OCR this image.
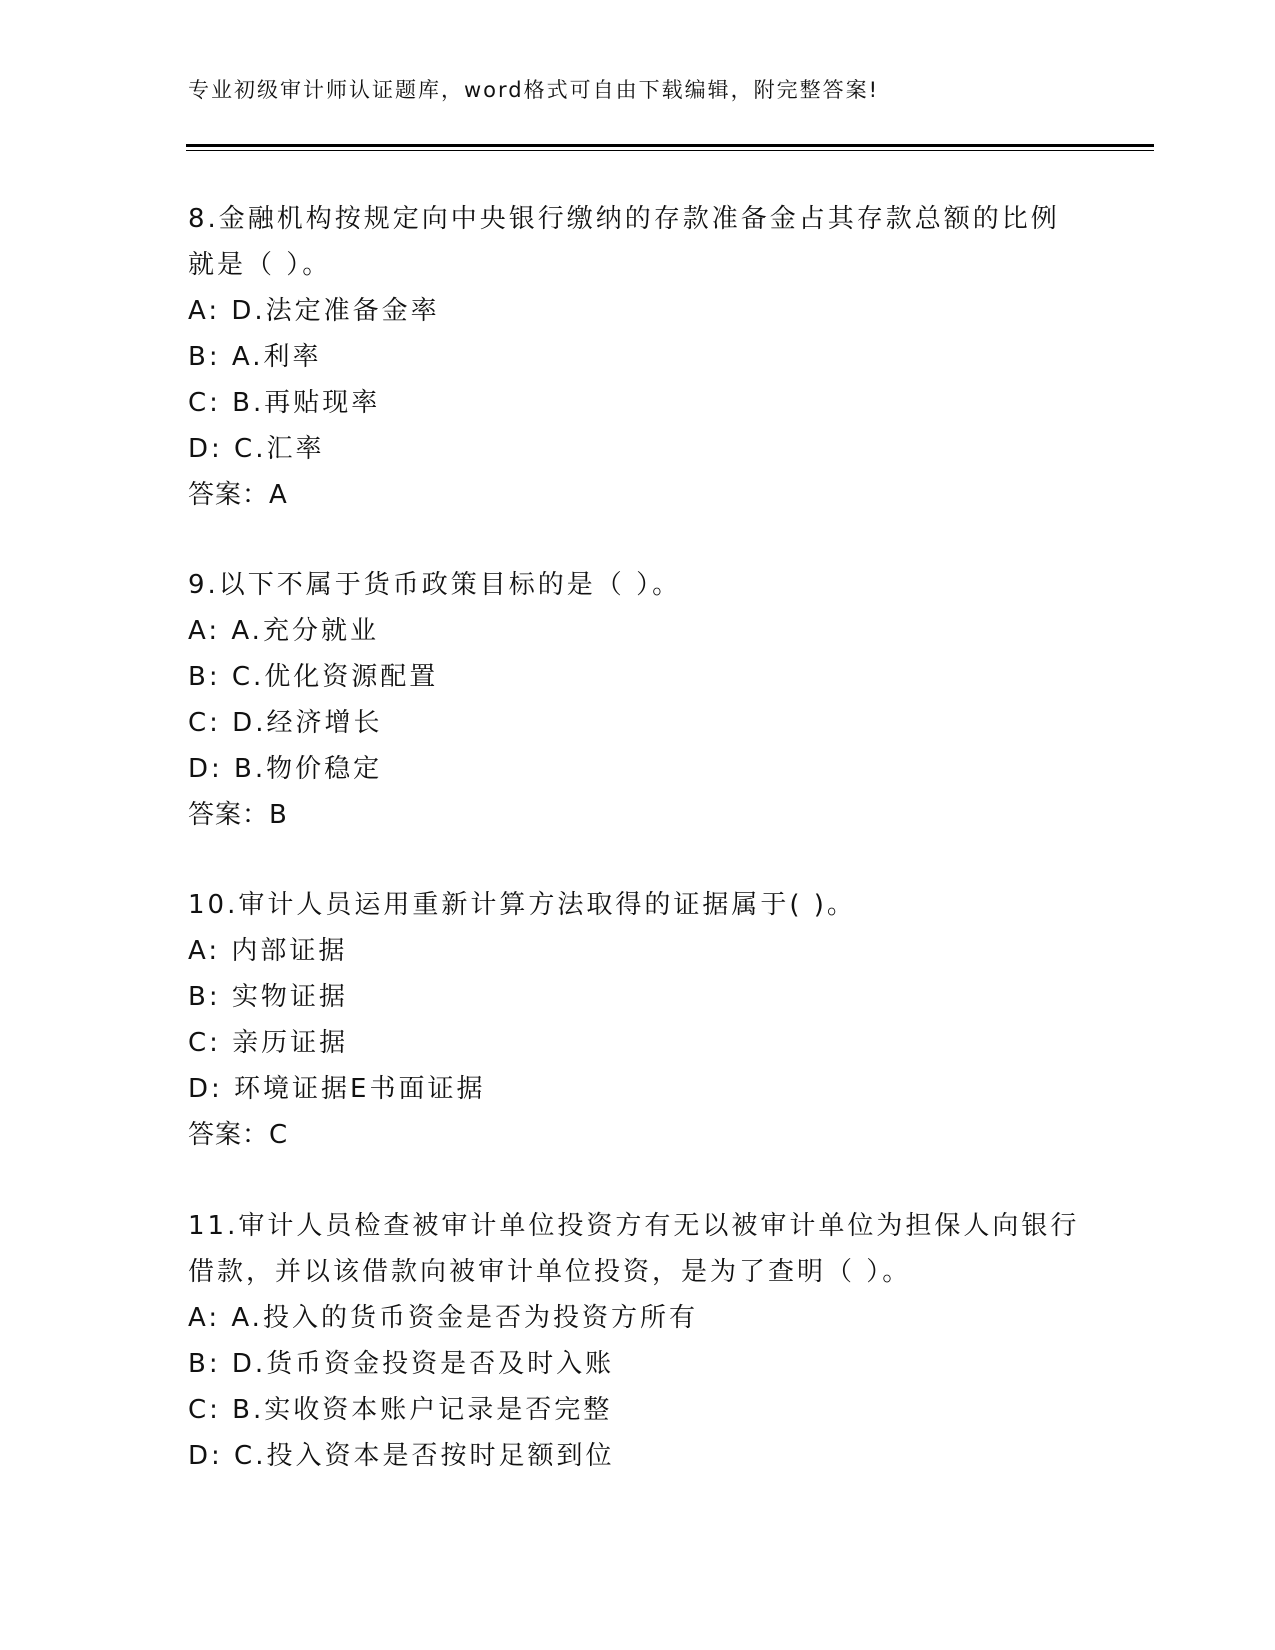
专业初级审计师认证题库，word格式可自由下载编辑，附完整答案!
8.金融机构按规定向中央银行缴纳的存款准备金占其存款总额的比例
就是（ ）。
A: D.法定准备金率
B: A.利率
C: B.再贴现率
D: C.汇率
答案：A
9.以下不属于货币政策目标的是（ ）。
A: A.充分就业
B: C.优化资源配置
C: D.经济增长
D: B.物价稳定
答案：B
10.审计人员运用重新计算方法取得的证据属于( )。
A: 内部证据
B: 实物证据
C: 亲历证据
D: 环境证据E书面证据
答案：C
11.审计人员检查被审计单位投资方有无以被审计单位为担保人向银行
借款，并以该借款向被审计单位投资，是为了查明（ ）。
A: A.投入的货币资金是否为投资方所有
B: D.货币资金投资是否及时入账
C: B.实收资本账户记录是否完整
D: C.投入资本是否按时足额到位
